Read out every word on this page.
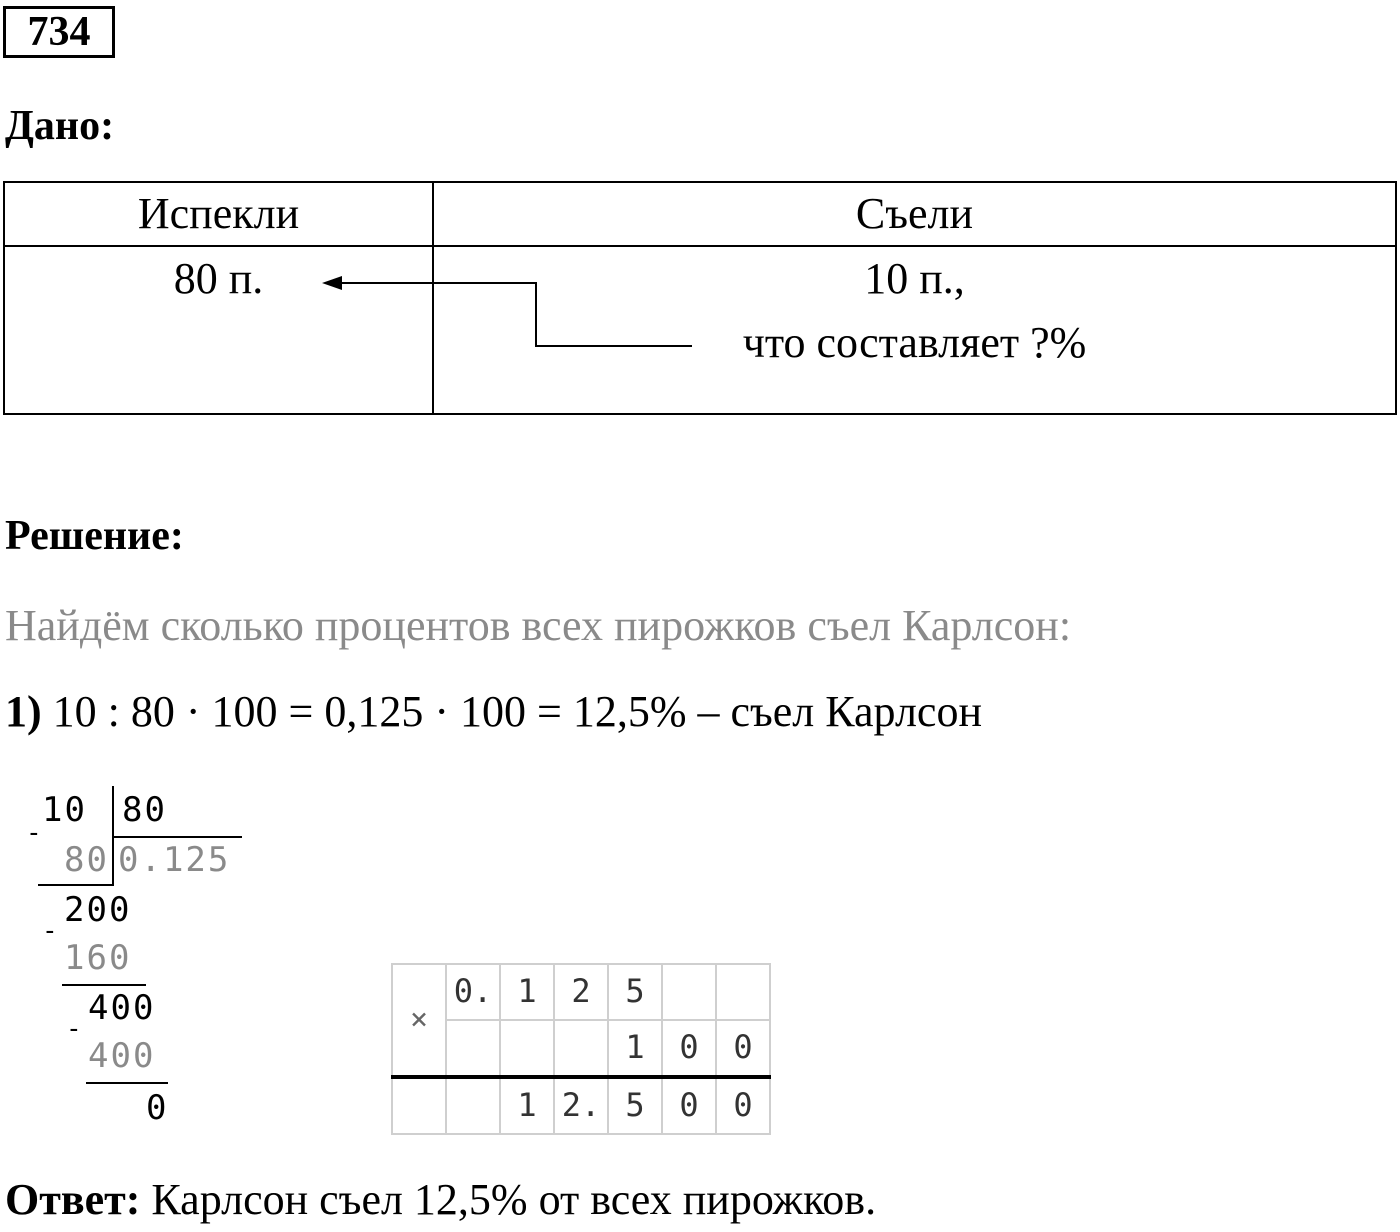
734
Дано:
Испекли	Съели

80 п.	10 п.,
что составляет ?%
Решение:
Найдём сколько процентов всех пирожков съел Карлсон:
1) 10 : 80 · 100 = 0,125 · 100 = 12,5% – съел Карлсон
10 80
0.125
-
80
200
-
160
400
-
400
0
×	0.	1	2	5		
				1	0	0
		1	2.	5	0	0
Ответ: Карлсон съел 12,5% от всех пирожков.
